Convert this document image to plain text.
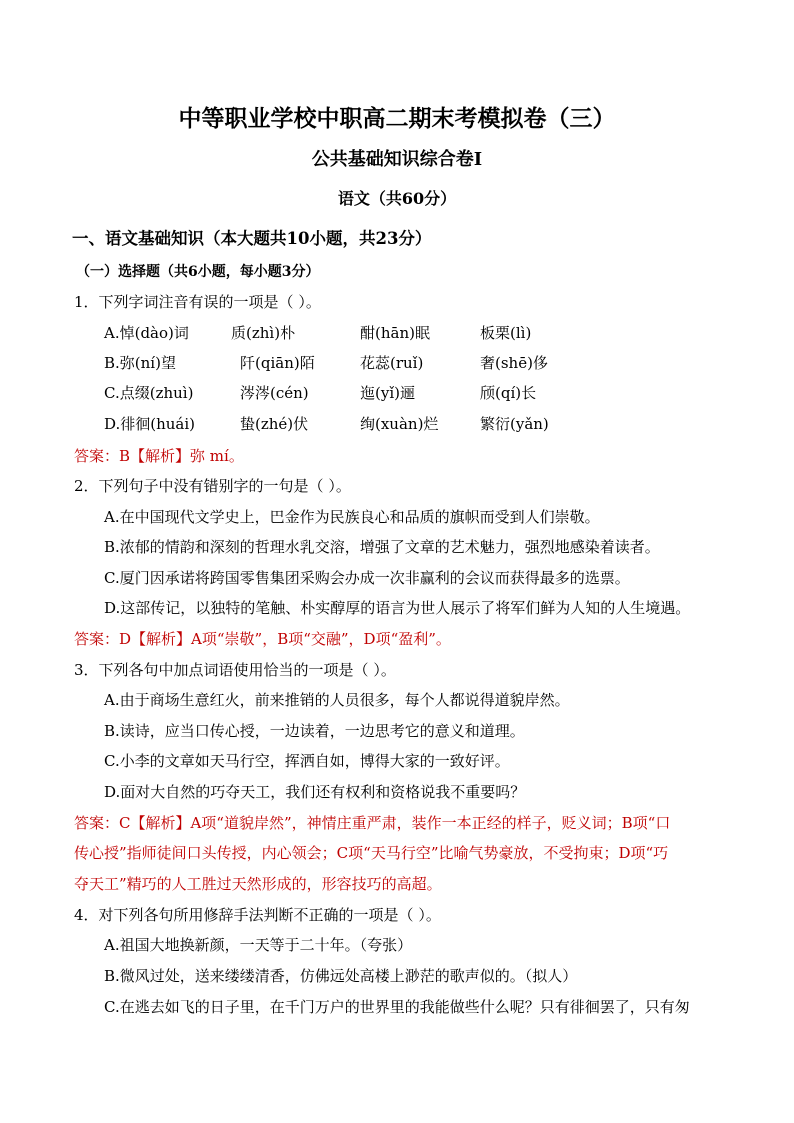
中等职业学校中职高二期末考模拟卷（三）
公共基础知识综合卷Ⅰ
语文（共60分）
一、语文基础知识（本大题共10小题，共23分）
（一）选择题（共6小题，每小题3分）
1．下列字词注音有误的一项是（ ）。
A.悼(dào)词	质(zhì)朴	酣(hān)眠	板栗(lì)
B.弥(ní)望	阡(qiān)陌	花蕊(ruǐ)	奢(shē)侈
C.点缀(zhuì)	涔涔(cén)	迤(yǐ)逦	颀(qí)长
D.徘徊(huái)	蛰(zhé)伏	绚(xuàn)烂	繁衍(yǎn)
答案：B【解析】弥 mí。
2．下列句子中没有错别字的一句是（ ）。
A.在中国现代文学史上，巴金作为民族良心和品质的旗帜而受到人们崇敬。
B.浓郁的情韵和深刻的哲理水乳交溶，增强了文章的艺术魅力，强烈地感染着读者。
C.厦门因承诺将跨国零售集团采购会办成一次非赢利的会议而获得最多的选票。
D.这部传记，以独特的笔触、朴实醇厚的语言为世人展示了将军们鲜为人知的人生境遇。
答案：D【解析】A项“崇敬”，B项“交融”，D项“盈利”。
3．下列各句中加点词语使用恰当的一项是（ ）。
A.由于商场生意红火，前来推销的人员很多，每个人都说得道貌岸然。
B.读诗，应当口传心授，一边读着，一边思考它的意义和道理。
C.小李的文章如天马行空，挥洒自如，博得大家的一致好评。
D.面对大自然的巧夺天工，我们还有权利和资格说我不重要吗？
答案：C【解析】A项“道貌岸然”，神情庄重严肃，装作一本正经的样子，贬义词；B项“口
传心授”指师徒间口头传授，内心领会；C项“天马行空”比喻气势豪放，不受拘束；D项“巧
夺天工”精巧的人工胜过天然形成的，形容技巧的高超。
4．对下列各句所用修辞手法判断不正确的一项是（ ）。
A.祖国大地换新颜，一天等于二十年。（夸张）
B.微风过处，送来缕缕清香，仿佛远处高楼上渺茫的歌声似的。（拟人）
C.在逃去如飞的日子里，在千门万户的世界里的我能做些什么呢？只有徘徊罢了，只有匆
